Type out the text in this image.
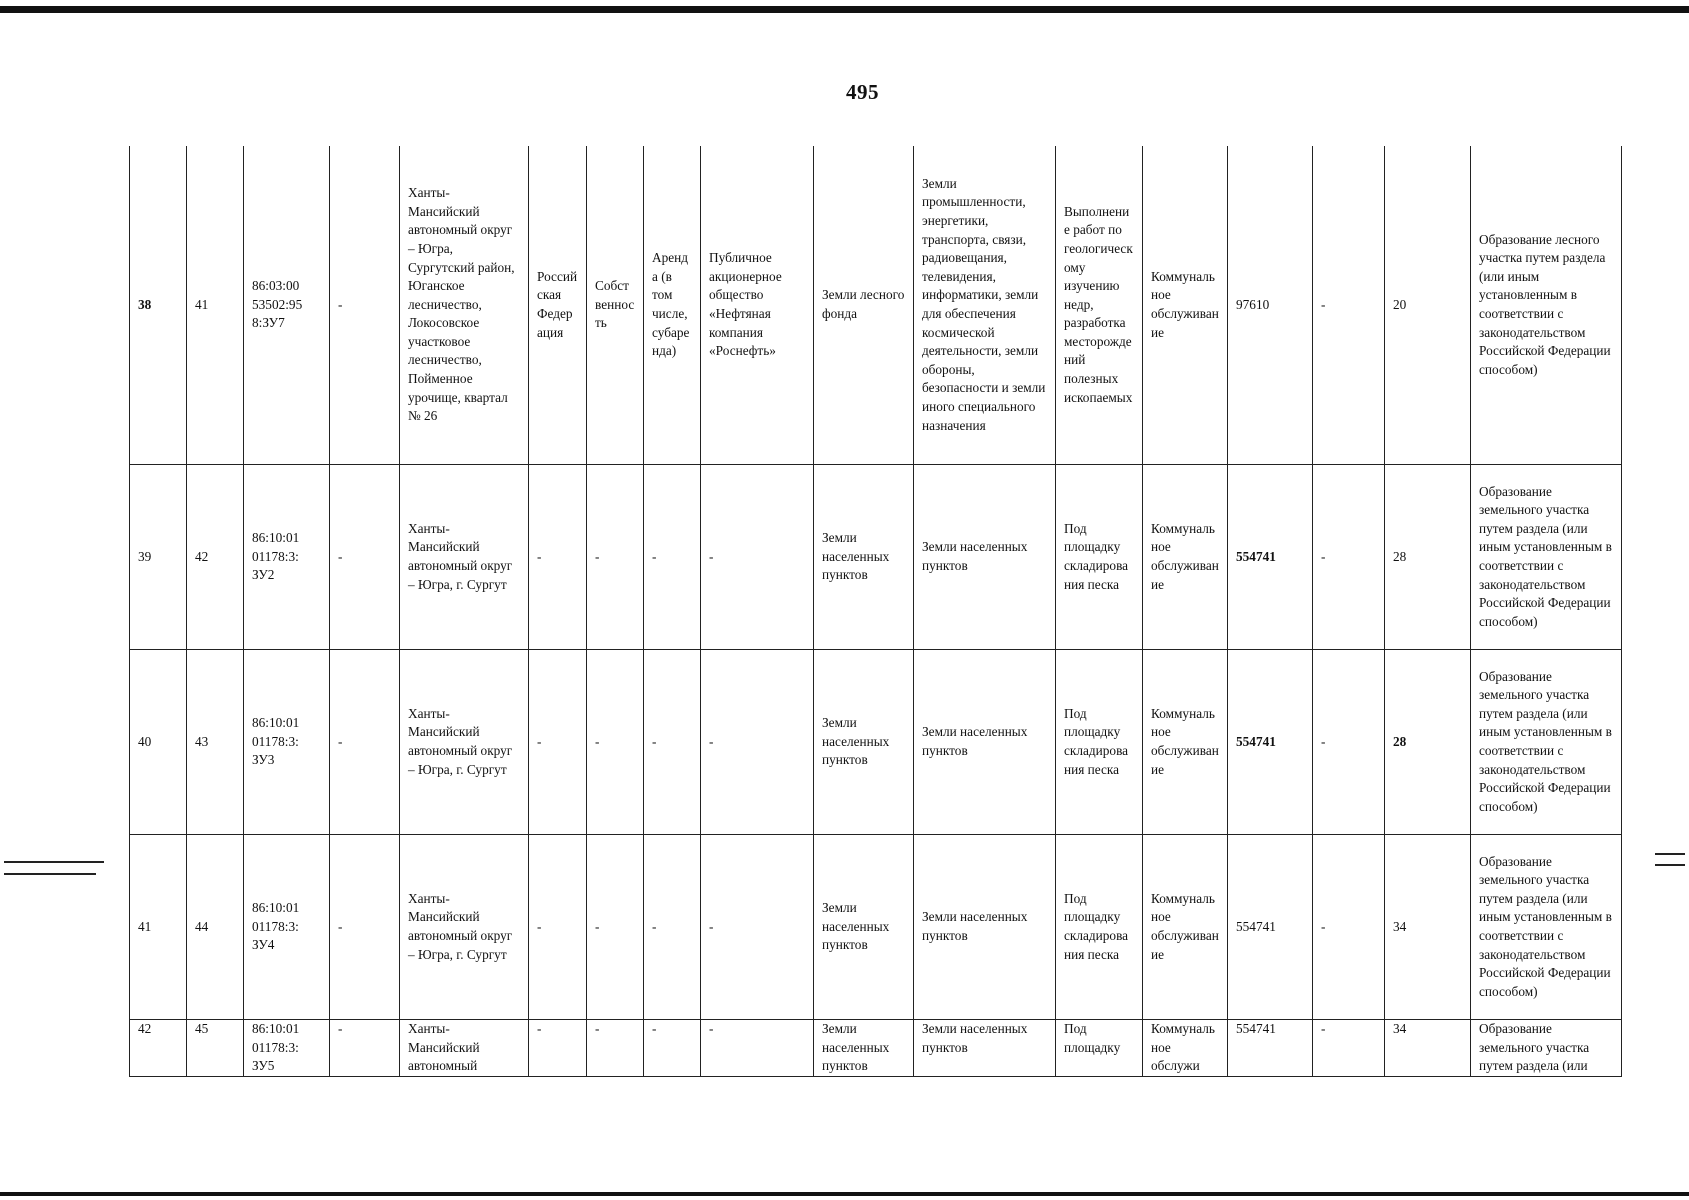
495
38	41	86:03:00 53502:95 8:ЗУ7	-	Ханты-Мансийский автономный округ – Югра, Сургутский район, Юганское лесничество, Локосовское участковое лесничество, Пойменное урочище, квартал № 26	Российская Федерация	Собственность	Аренда (в том числе, субаренда)	Публичное акционерное общество «Нефтяная компания «Роснефть»	Земли лесного фонда	Земли промышленности, энергетики, транспорта, связи, радиовещания, телевидения, информатики, земли для обеспечения космической деятельности, земли обороны, безопасности и земли иного специального назначения	Выполнение работ по геологическому изучению недр, разработка месторождений полезных ископаемых	Коммунальное обслуживание	97610	-	20	Образование лесного участка путем раздела (или иным установленным в соответствии с законодательством Российской Федерации способом)
39	42	86:10:01 01178:3: ЗУ2	-	Ханты-Мансийский автономный округ – Югра, г. Сургут	-	-	-	-	Земли населенных пунктов	Земли населенных пунктов	Под площадку складирования песка	Коммунальное обслуживание	554741	-	28	Образование земельного участка путем раздела (или иным установленным в соответствии с законодательством Российской Федерации способом)
40	43	86:10:01 01178:3: ЗУ3	-	Ханты-Мансийский автономный округ – Югра, г. Сургут	-	-	-	-	Земли населенных пунктов	Земли населенных пунктов	Под площадку складирования песка	Коммунальное обслуживание	554741	-	28	Образование земельного участка путем раздела (или иным установленным в соответствии с законодательством Российской Федерации способом)
41	44	86:10:01 01178:3: ЗУ4	-	Ханты-Мансийский автономный округ – Югра, г. Сургут	-	-	-	-	Земли населенных пунктов	Земли населенных пунктов	Под площадку складирования песка	Коммунальное обслуживание	554741	-	34	Образование земельного участка путем раздела (или иным установленным в соответствии с законодательством Российской Федерации способом)
42	45	86:10:01 01178:3: ЗУ5	-	Ханты-Мансийский автономный	-	-	-	-	Земли населенных пунктов	Земли населенных пунктов	Под площадку	Коммунальное обслужи	554741	-	34	Образование земельного участка путем раздела (или
